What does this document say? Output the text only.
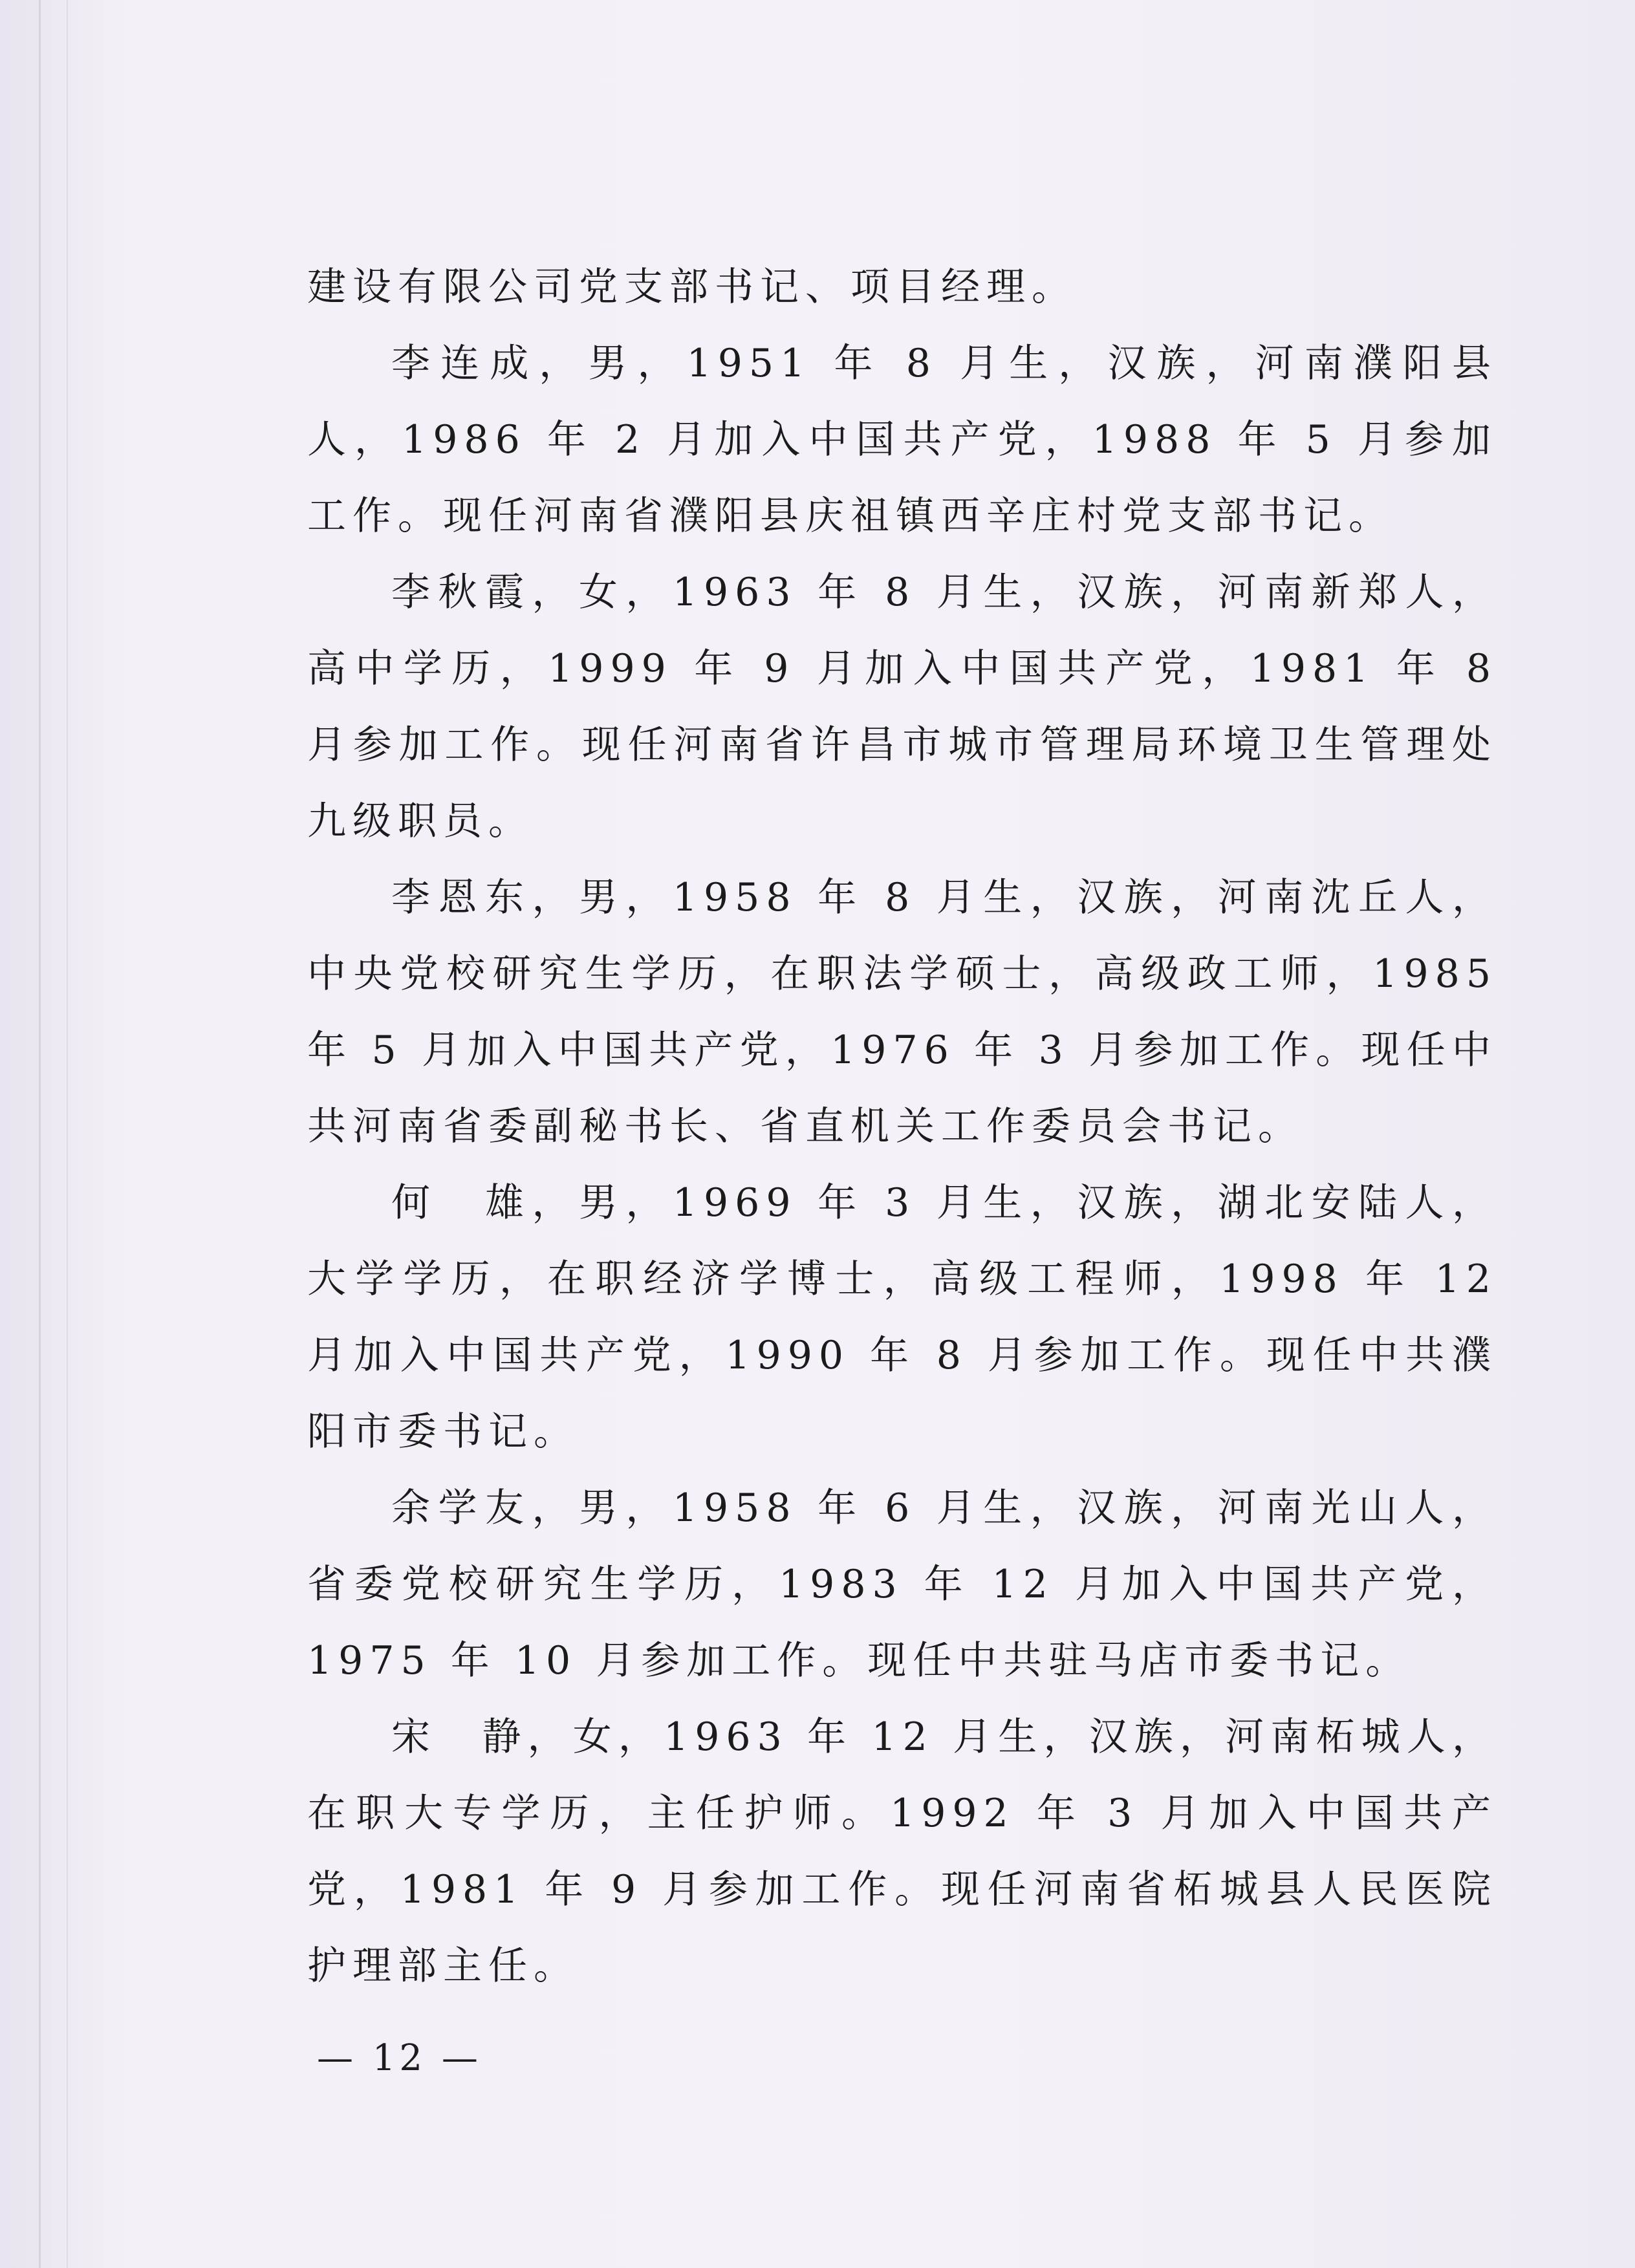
建设有限公司党支部书记、项目经理。

李连成，男，1951 年 8 月生，汉族，河南濮阳县人，1986 年 2 月加入中国共产党，1988 年 5 月参加工作。现任河南省濮阳县庆祖镇西辛庄村党支部书记。

李秋霞，女，1963 年 8 月生，汉族，河南新郑人，高中学历，1999 年 9 月加入中国共产党，1981 年 8 月参加工作。现任河南省许昌市城市管理局环境卫生管理处九级职员。

李恩东，男，1958 年 8 月生，汉族，河南沈丘人，中央党校研究生学历，在职法学硕士，高级政工师，1985 年 5 月加入中国共产党，1976 年 3 月参加工作。现任中共河南省委副秘书长、省直机关工作委员会书记。

何　雄，男，1969 年 3 月生，汉族，湖北安陆人，大学学历，在职经济学博士，高级工程师，1998 年 12 月加入中国共产党，1990 年 8 月参加工作。现任中共濮阳市委书记。

余学友，男，1958 年 6 月生，汉族，河南光山人，省委党校研究生学历，1983 年 12 月加入中国共产党，1975 年 10 月参加工作。现任中共驻马店市委书记。

宋　静，女，1963 年 12 月生，汉族，河南柘城人，在职大专学历，主任护师。1992 年 3 月加入中国共产党，1981 年 9 月参加工作。现任河南省柘城县人民医院护理部主任。

— 12 —
